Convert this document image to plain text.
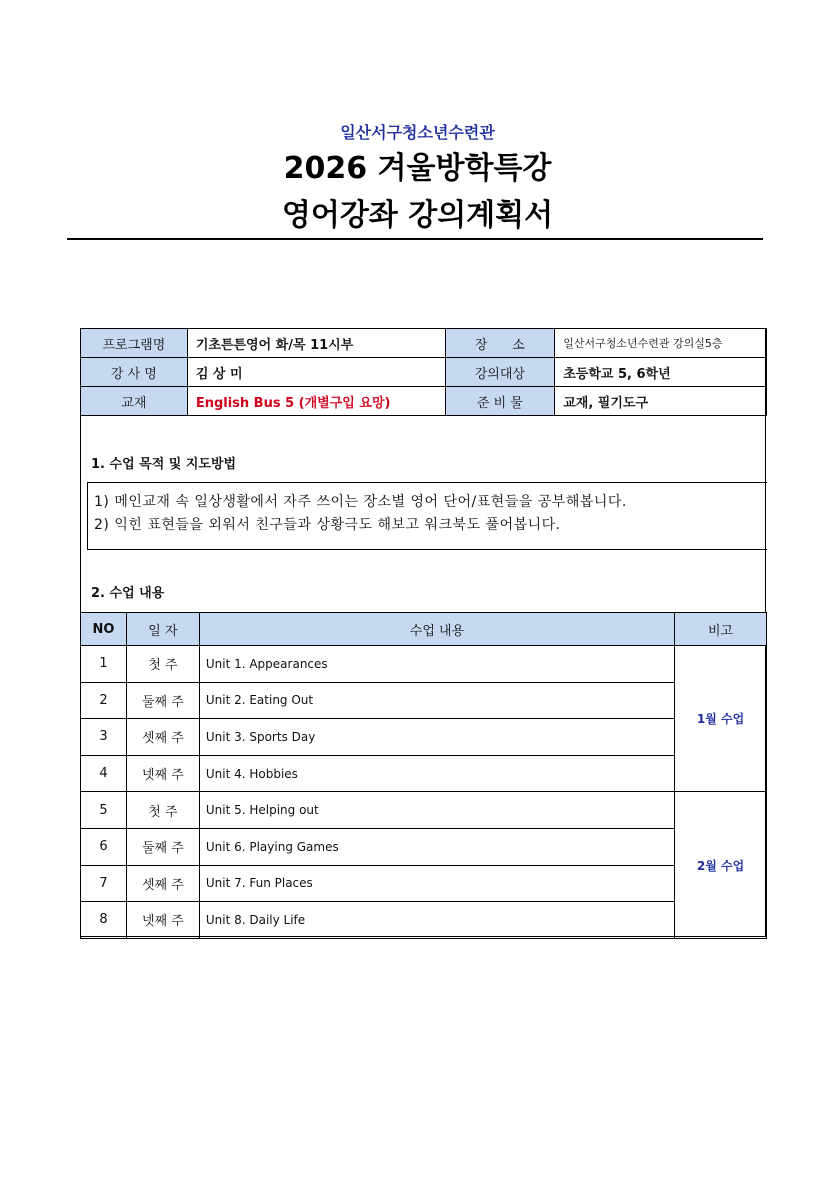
일산서구청소년수련관
2026 겨울방학특강
영어강좌 강의계획서
프로그램명	기초튼튼영어 화/목 11시부	장      소	일산서구청소년수련관 강의실5층
강 사 명	김 상 미	강의대상	초등학교 5, 6학년
교재	English Bus 5 (개별구입 요망)	준 비 물	교재, 필기도구
1. 수업 목적 및 지도방법
1) 메인교재 속 일상생활에서 자주 쓰이는 장소별 영어 단어/표현들을 공부해봅니다.
2) 익힌 표현들을 외워서 친구들과 상황극도 해보고 워크북도 풀어봅니다.
2. 수업 내용
NO	일 자	수업 내용	비고
1	첫 주	Unit 1. Appearances	1월 수업
2	둘째 주	Unit 2. Eating Out	
3	셋째 주	Unit 3. Sports Day	
4	넷째 주	Unit 4. Hobbies	
5	첫 주	Unit 5. Helping out	2월 수업
6	둘째 주	Unit 6. Playing Games	
7	셋째 주	Unit 7. Fun Places	
8	넷째 주	Unit 8. Daily Life	
